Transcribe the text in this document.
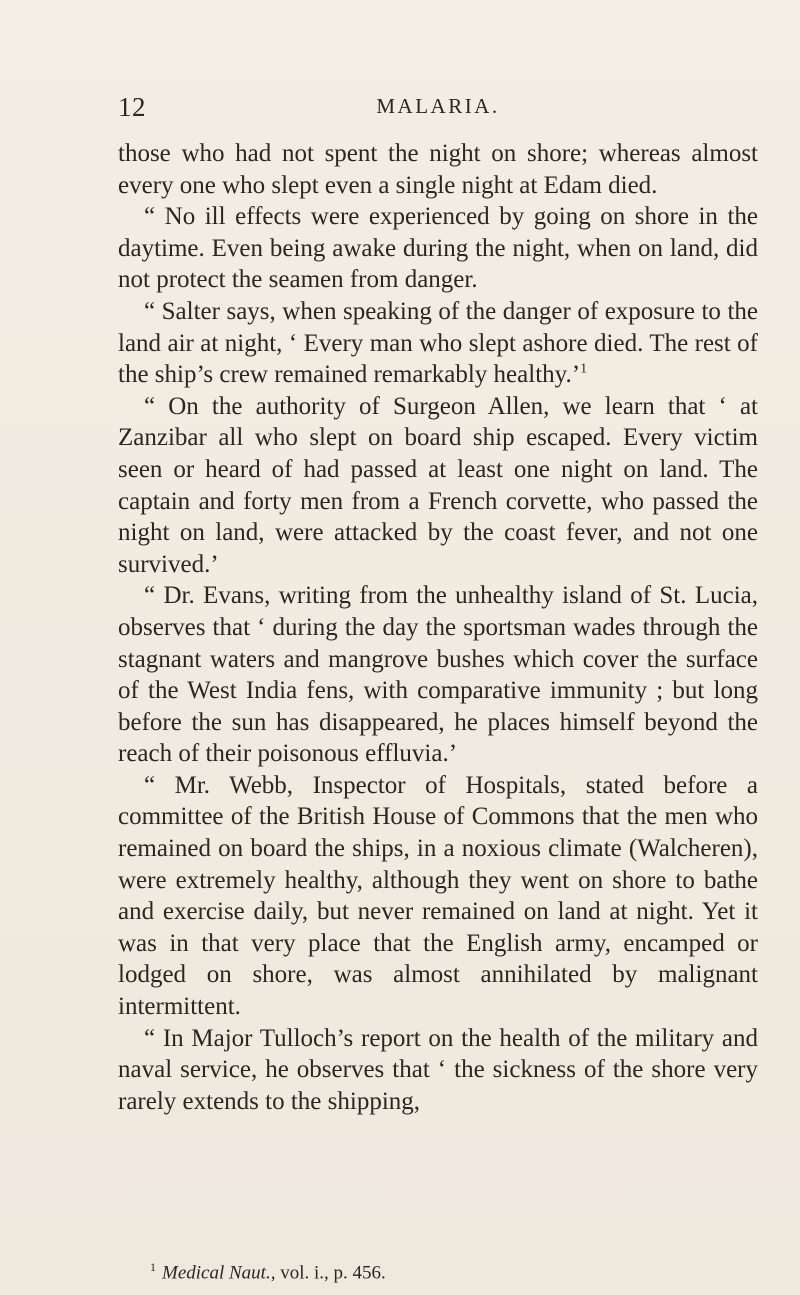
12	MALARIA.

those who had not spent the night on shore; whereas almost every one who slept even a single night at Edam died.

“ No ill effects were experienced by going on shore in the daytime. Even being awake during the night, when on land, did not protect the seamen from danger.

“ Salter says, when speaking of the danger of exposure to the land air at night, ‘ Every man who slept ashore died. The rest of the ship’s crew remained remarkably healthy.’$^1$

“ On the authority of Surgeon Allen, we learn that ‘ at Zanzibar all who slept on board ship escaped. Every victim seen or heard of had passed at least one night on land. The captain and forty men from a French corvette, who passed the night on land, were attacked by the coast fever, and not one survived.’

“ Dr. Evans, writing from the unhealthy island of St. Lucia, observes that ‘ during the day the sportsman wades through the stagnant waters and mangrove bushes which cover the surface of the West India fens, with comparative immunity ; but long before the sun has disappeared, he places himself beyond the reach of their poisonous effluvia.’

“ Mr. Webb, Inspector of Hospitals, stated before a committee of the British House of Commons that the men who remained on board the ships, in a noxious climate (Walcheren), were extremely healthy, although they went on shore to bathe and exercise daily, but never remained on land at night. Yet it was in that very place that the English army, encamped or lodged on shore, was almost annihilated by malignant intermittent.

“ In Major Tulloch’s report on the health of the military and naval service, he observes that ‘ the sickness of the shore very rarely extends to the shipping,

$^1$ Medical Naut., vol. i., p. 456.
